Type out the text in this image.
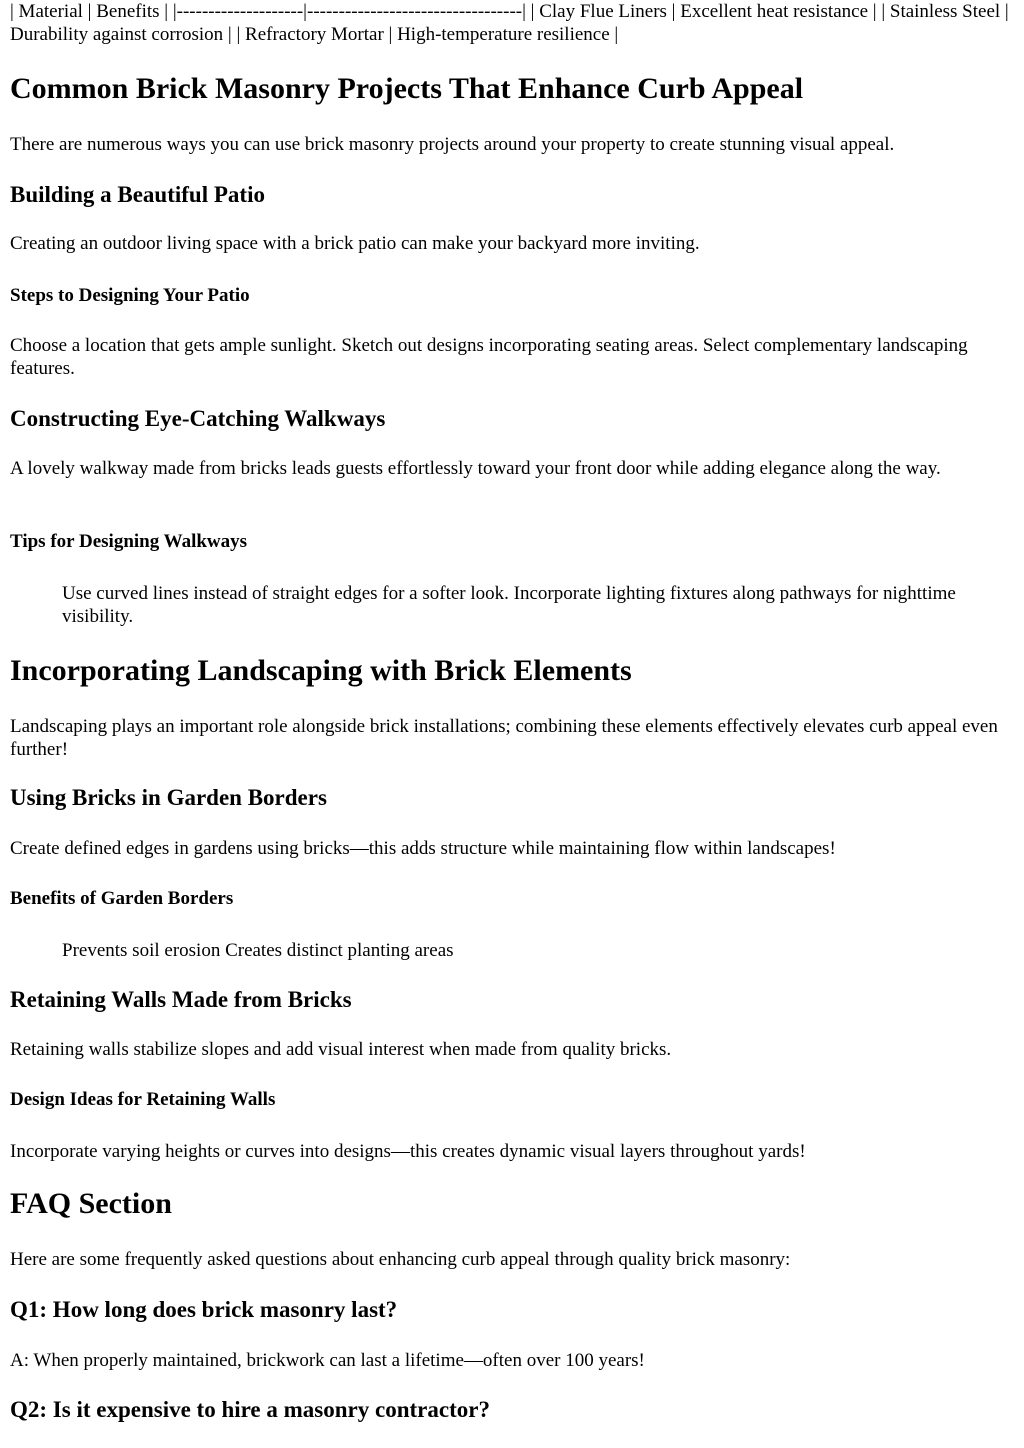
| Material | Benefits | |--------------------|----------------------------------| | Clay Flue Liners | Excellent heat resistance | | Stainless Steel | Durability against corrosion | | Refractory Mortar | High-temperature resilience |

Common Brick Masonry Projects That Enhance Curb Appeal

There are numerous ways you can use brick masonry projects around your property to create stunning visual appeal.

Building a Beautiful Patio

Creating an outdoor living space with a brick patio can make your backyard more inviting.

Steps to Designing Your Patio

Choose a location that gets ample sunlight. Sketch out designs incorporating seating areas. Select complementary landscaping features.

Constructing Eye-Catching Walkways

A lovely walkway made from bricks leads guests effortlessly toward your front door while adding elegance along the way.

Tips for Designing Walkways

Use curved lines instead of straight edges for a softer look. Incorporate lighting fixtures along pathways for nighttime visibility.

Incorporating Landscaping with Brick Elements

Landscaping plays an important role alongside brick installations; combining these elements effectively elevates curb appeal even further!

Using Bricks in Garden Borders

Create defined edges in gardens using bricks—this adds structure while maintaining flow within landscapes!

Benefits of Garden Borders

Prevents soil erosion Creates distinct planting areas

Retaining Walls Made from Bricks

Retaining walls stabilize slopes and add visual interest when made from quality bricks.

Design Ideas for Retaining Walls

Incorporate varying heights or curves into designs—this creates dynamic visual layers throughout yards!

FAQ Section

Here are some frequently asked questions about enhancing curb appeal through quality brick masonry:

Q1: How long does brick masonry last?

A: When properly maintained, brickwork can last a lifetime—often over 100 years!

Q2: Is it expensive to hire a masonry contractor?
